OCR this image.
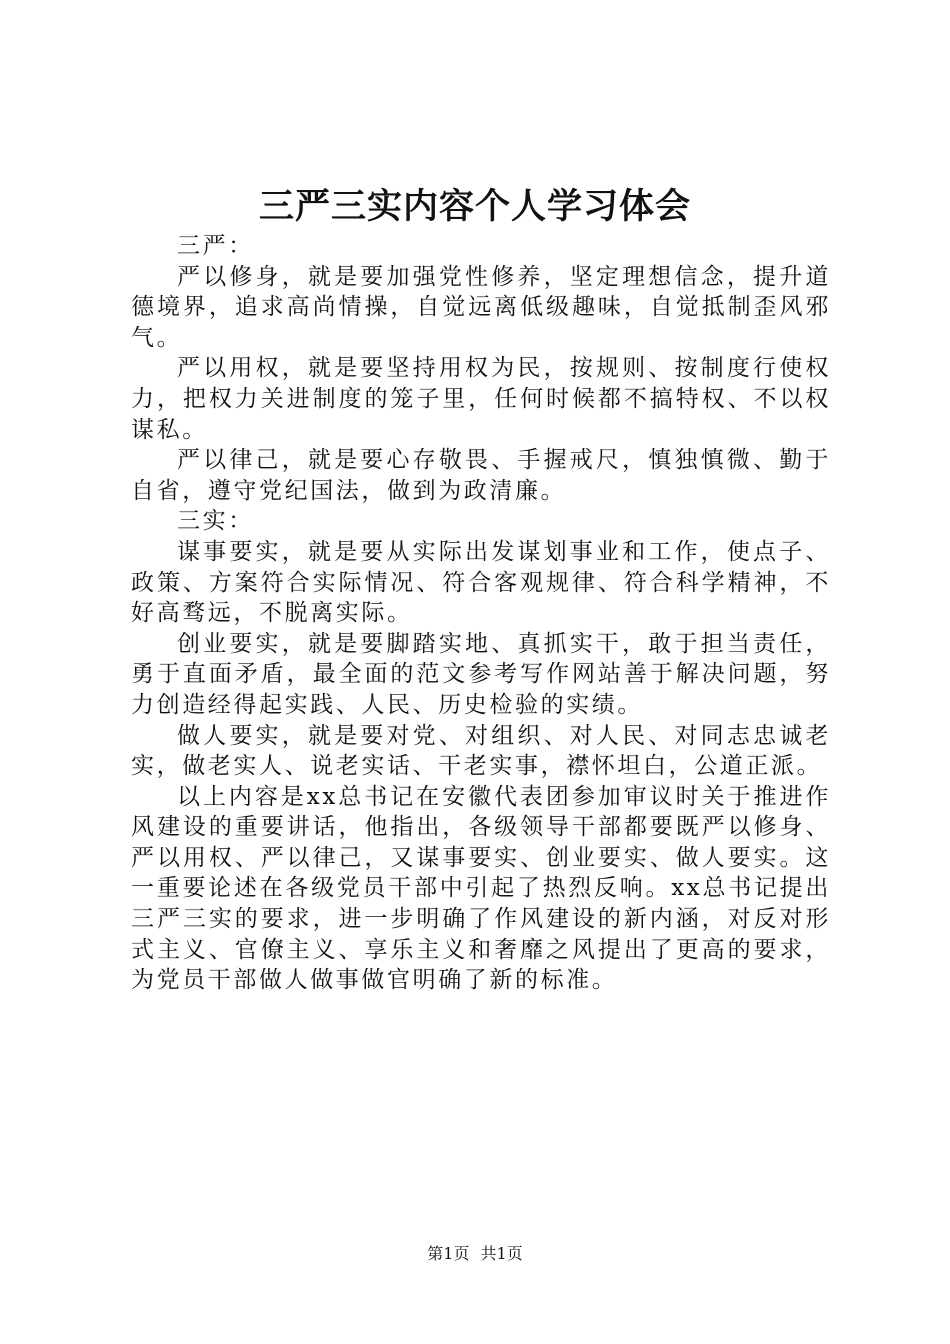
三严三实内容个人学习体会

三严：

严以修身，就是要加强党性修养，坚定理想信念，提升道德境界，追求高尚情操，自觉远离低级趣味，自觉抵制歪风邪气。

严以用权，就是要坚持用权为民，按规则、按制度行使权力，把权力关进制度的笼子里，任何时候都不搞特权、不以权谋私。

严以律己，就是要心存敬畏、手握戒尺，慎独慎微、勤于自省，遵守党纪国法，做到为政清廉。

三实：

谋事要实，就是要从实际出发谋划事业和工作，使点子、政策、方案符合实际情况、符合客观规律、符合科学精神，不好高骛远，不脱离实际。

创业要实，就是要脚踏实地、真抓实干，敢于担当责任，勇于直面矛盾，最全面的范文参考写作网站善于解决问题，努力创造经得起实践、人民、历史检验的实绩。

做人要实，就是要对党、对组织、对人民、对同志忠诚老实，做老实人、说老实话、干老实事，襟怀坦白，公道正派。

以上内容是xx总书记在安徽代表团参加审议时关于推进作风建设的重要讲话，他指出，各级领导干部都要既严以修身、严以用权、严以律己，又谋事要实、创业要实、做人要实。这一重要论述在各级党员干部中引起了热烈反响。xx总书记提出三严三实的要求，进一步明确了作风建设的新内涵，对反对形式主义、官僚主义、享乐主义和奢靡之风提出了更高的要求，为党员干部做人做事做官明确了新的标准。

第1页 共1页
